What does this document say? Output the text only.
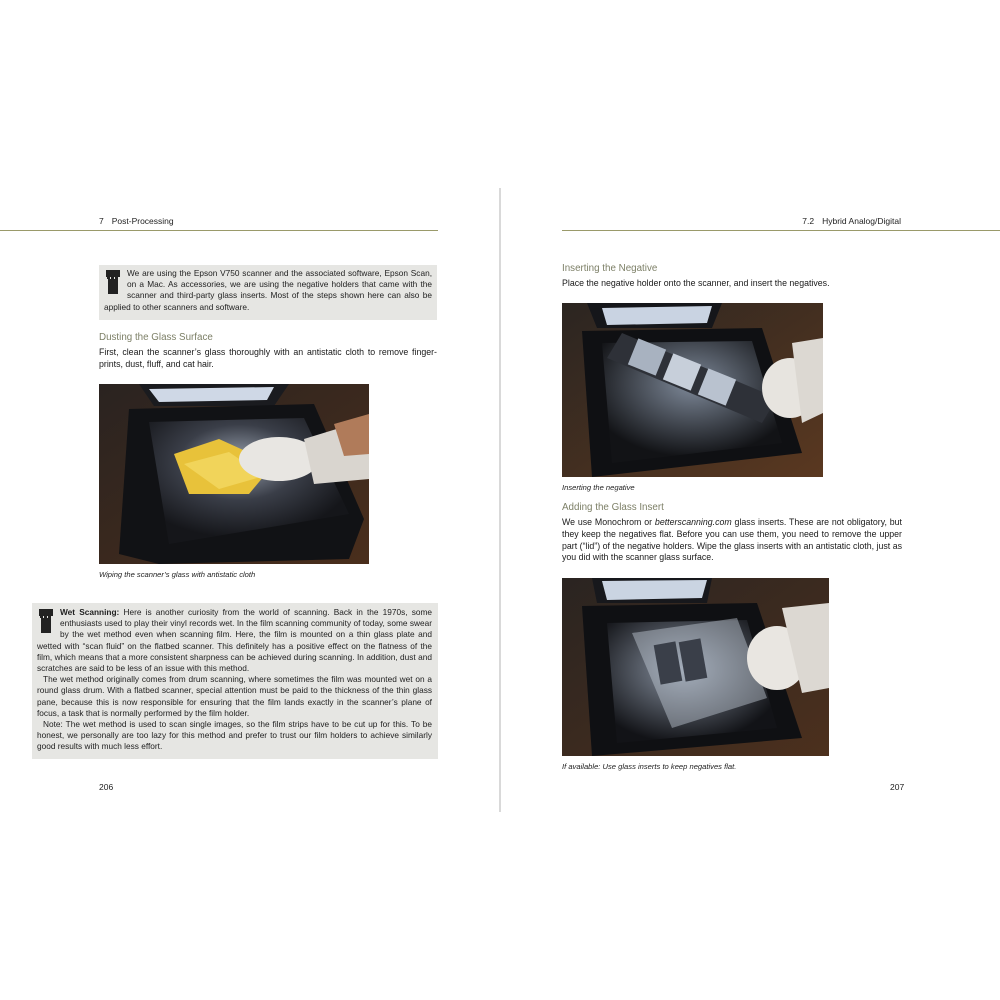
7 Post-Processing

We are using the Epson V750 scanner and the associated software, Epson Scan, on a Mac. As accessories, we are using the negative holders that came with the scanner and third-party glass inserts. Most of the steps shown here can also be applied to other scanners and software.

Dusting the Glass Surface

First, clean the scanner’s glass thoroughly with an antistatic cloth to remove finger-prints, dust, fluff, and cat hair.

Wiping the scanner’s glass with antistatic cloth

Wet Scanning: Here is another curiosity from the world of scanning. Back in the 1970s, some enthusiasts used to play their vinyl records wet. In the film scanning community of today, some swear by the wet method even when scanning film. Here, the film is mounted on a thin glass plate and wetted with “scan fluid” on the flatbed scanner. This definitely has a positive effect on the flatness of the film, which means that a more consistent sharpness can be achieved during scanning. In addition, dust and scratches are said to be less of an issue with this method.

The wet method originally comes from drum scanning, where sometimes the film was mounted wet on a round glass drum. With a flatbed scanner, special attention must be paid to the thickness of the thin glass pane, because this is now responsible for ensuring that the film lands exactly in the scanner’s plane of focus, a task that is normally performed by the film holder.

Note: The wet method is used to scan single images, so the film strips have to be cut up for this. To be honest, we personally are too lazy for this method and prefer to trust our film holders to achieve similarly good results with much less effort.

206
7.2 Hybrid Analog/Digital
Inserting the Negative

Place the negative holder onto the scanner, and insert the negatives.

Inserting the negative
Adding the Glass Insert

We use Monochrom or betterscanning.com glass inserts. These are not obligatory, but they keep the negatives flat. Before you can use them, you need to remove the upper part (“lid”) of the negative holders. Wipe the glass inserts with an antistatic cloth, just as you did with the scanner glass surface.

If available: Use glass inserts to keep negatives flat.
207
